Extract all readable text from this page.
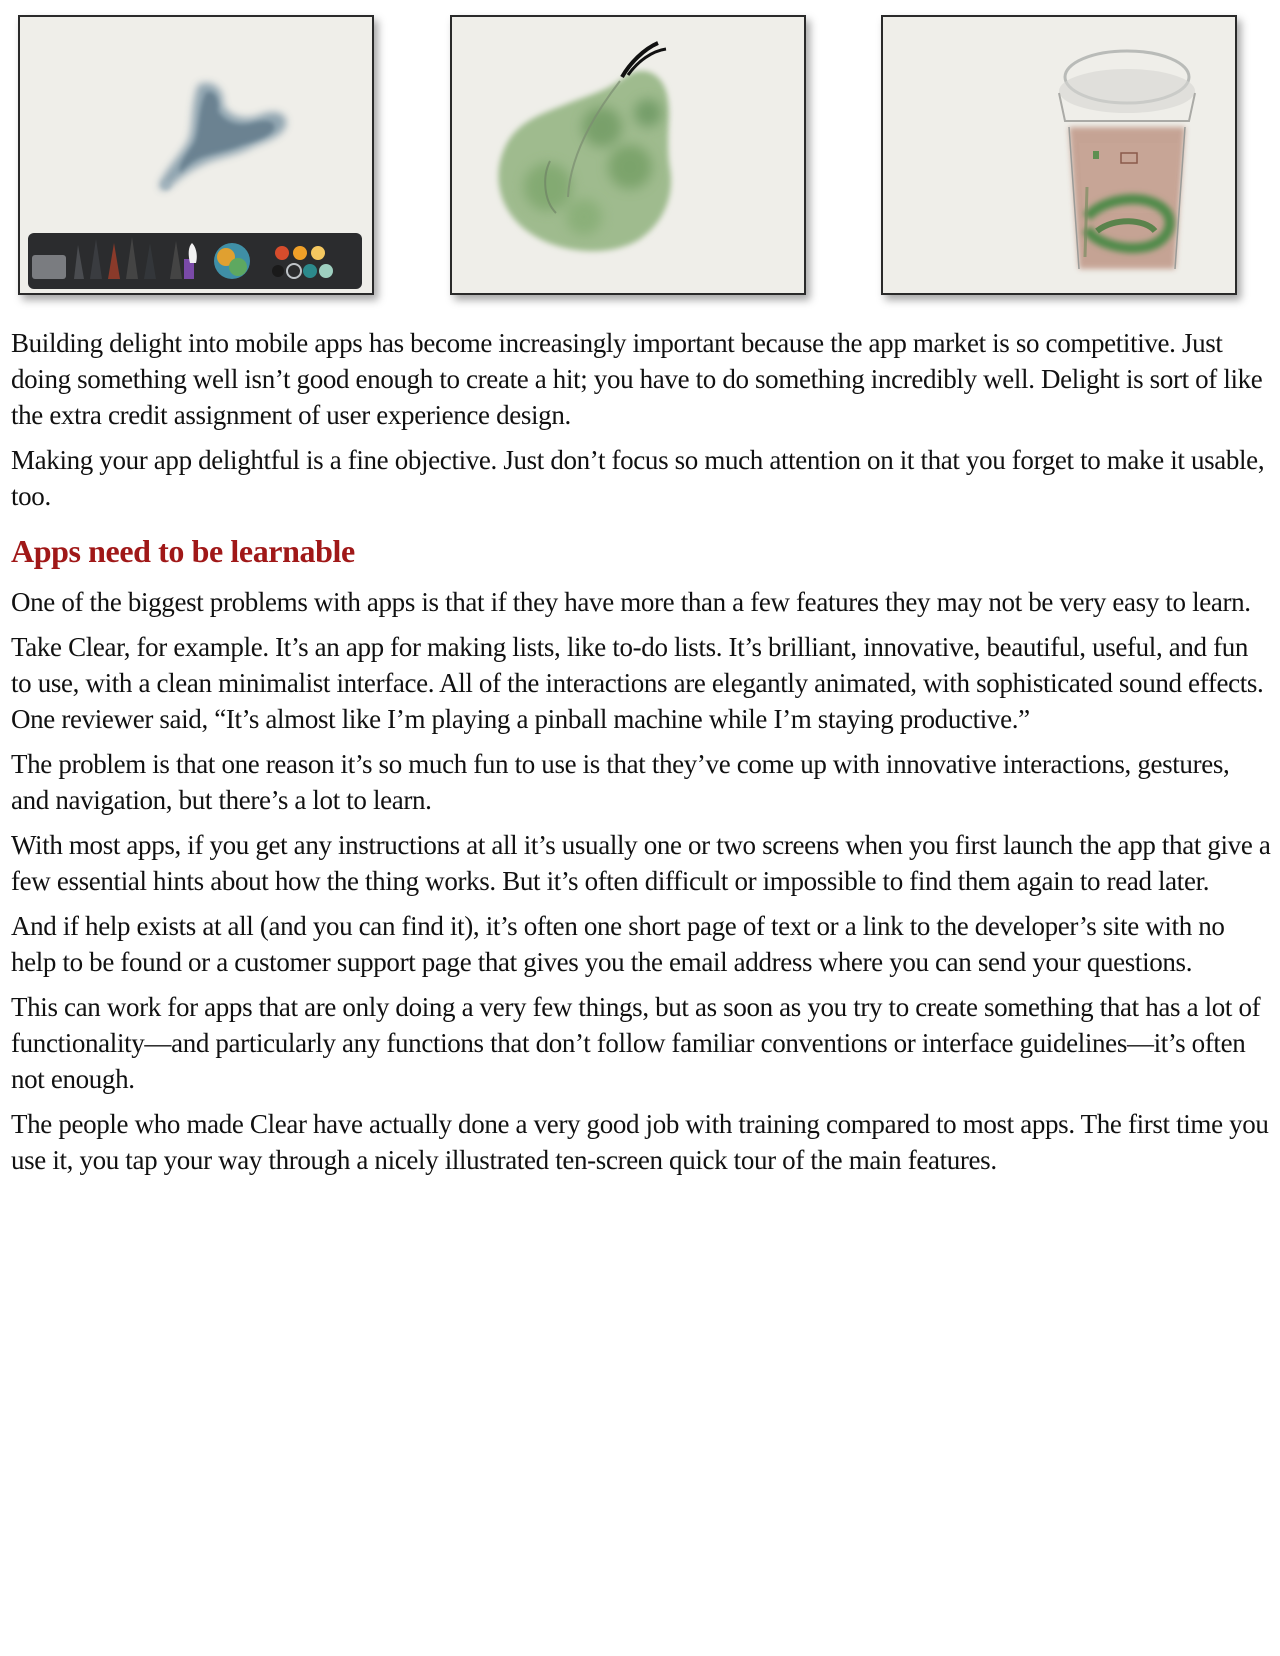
Building delight into mobile apps has become increasingly important because the app market is so competitive. Just doing something well isn’t good enough to create a hit; you have to do something incredibly well. Delight is sort of like the extra credit assignment of user experience design.

Making your app delightful is a fine objective. Just don’t focus so much attention on it that you forget to make it usable, too.

Apps need to be learnable

One of the biggest problems with apps is that if they have more than a few features they may not be very easy to learn.

Take Clear, for example. It’s an app for making lists, like to-do lists. It’s brilliant, innovative, beautiful, useful, and fun to use, with a clean minimalist interface. All of the interactions are elegantly animated, with sophisticated sound effects. One reviewer said, “It’s almost like I’m playing a pinball machine while I’m staying productive.”

The problem is that one reason it’s so much fun to use is that they’ve come up with innovative interactions, gestures, and navigation, but there’s a lot to learn.

With most apps, if you get any instructions at all it’s usually one or two screens when you first launch the app that give a few essential hints about how the thing works. But it’s often difficult or impossible to find them again to read later.

And if help exists at all (and you can find it), it’s often one short page of text or a link to the developer’s site with no help to be found or a customer support page that gives you the email address where you can send your questions.

This can work for apps that are only doing a very few things, but as soon as you try to create something that has a lot of functionality—and particularly any functions that don’t follow familiar conventions or interface guidelines—it’s often not enough.

The people who made Clear have actually done a very good job with training compared to most apps. The first time you use it, you tap your way through a nicely illustrated ten-screen quick tour of the main features.
